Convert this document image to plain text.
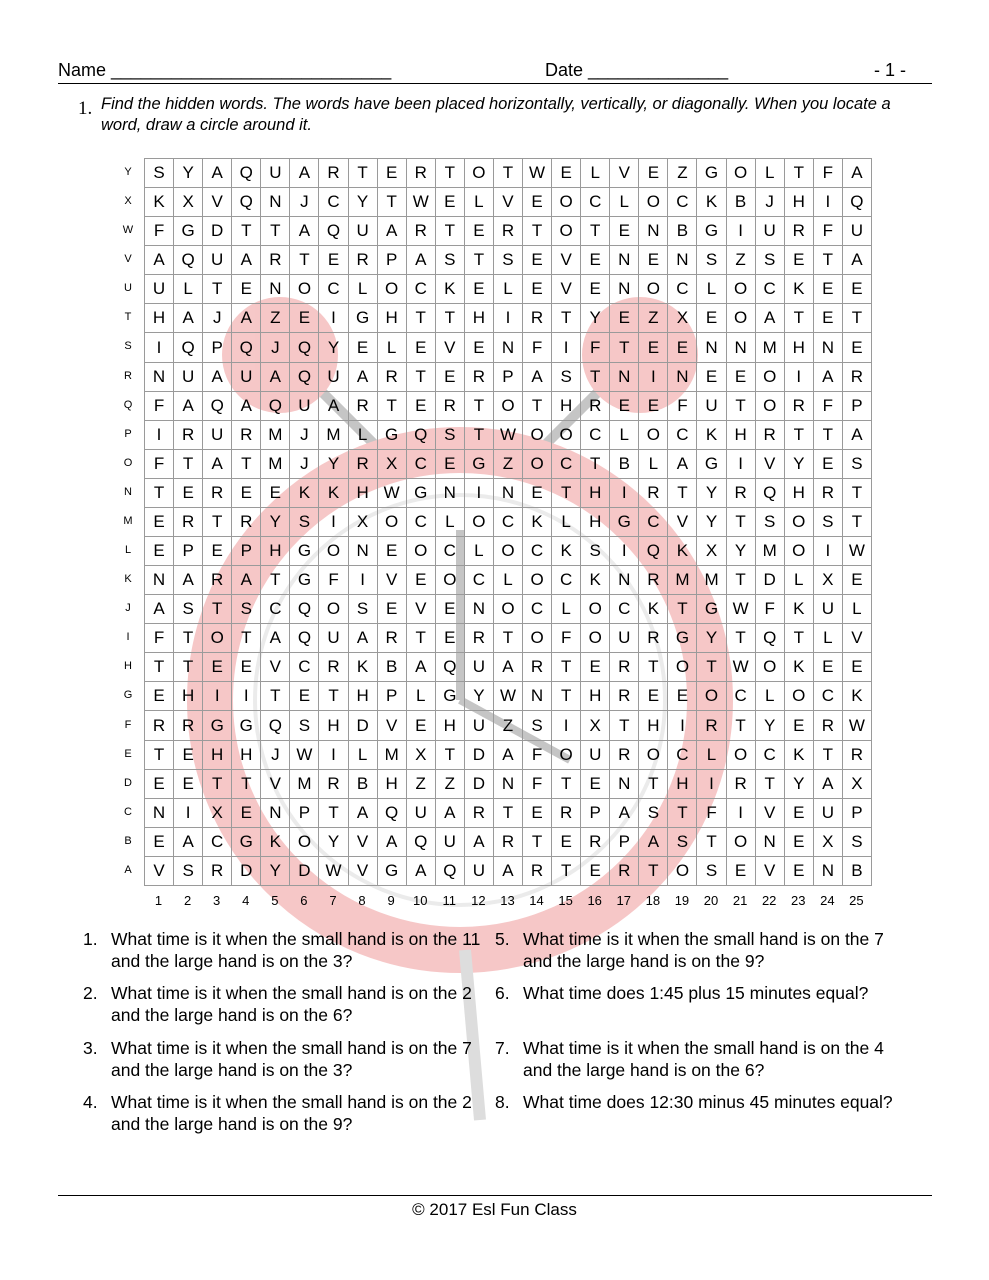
Name ____________________________	Date ______________	- 1 -
1. Find the hidden words. The words have been placed horizontally, vertically, or diagonally. When you locate a word, draw a circle around it.
Y
X
W
V
U
T
S
R
Q
P
O
N
M
L
K
J
I
H
G
F
E
D
C
B
A
S	Y	A	Q	U	A	R	T	E	R	T	O	T	W	E	L	V	E	Z	G	O	L	T	F	A
K	X	V	Q	N	J	C	Y	T	W	E	L	V	E	O	C	L	O	C	K	B	J	H	I	Q
F	G	D	T	T	A	Q	U	A	R	T	E	R	T	O	T	E	N	B	G	I	U	R	F	U
A	Q	U	A	R	T	E	R	P	A	S	T	S	E	V	E	N	E	N	S	Z	S	E	T	A
U	L	T	E	N	O	C	L	O	C	K	E	L	E	V	E	N	O	C	L	O	C	K	E	E
H	A	J	A	Z	E	I	G	H	T	T	H	I	R	T	Y	E	Z	X	E	O	A	T	E	T
I	Q	P	Q	J	Q	Y	E	L	E	V	E	N	F	I	F	T	E	E	N	N	M	H	N	E
N	U	A	U	A	Q	U	A	R	T	E	R	P	A	S	T	N	I	N	E	E	O	I	A	R
F	A	Q	A	Q	U	A	R	T	E	R	T	O	T	H	R	E	E	F	U	T	O	R	F	P
I	R	U	R	M	J	M	L	G	Q	S	T	W	O	O	C	L	O	C	K	H	R	T	T	A
F	T	A	T	M	J	Y	R	X	C	E	G	Z	O	C	T	B	L	A	G	I	V	Y	E	S
T	E	R	E	E	K	K	H	W	G	N	I	N	E	T	H	I	R	T	Y	R	Q	H	R	T
E	R	T	R	Y	S	I	X	O	C	L	O	C	K	L	H	G	C	V	Y	T	S	O	S	T
E	P	E	P	H	G	O	N	E	O	C	L	O	C	K	S	I	Q	K	X	Y	M	O	I	W
N	A	R	A	T	G	F	I	V	E	O	C	L	O	C	K	N	R	M	M	T	D	L	X	E
A	S	T	S	C	Q	O	S	E	V	E	N	O	C	L	O	C	K	T	G	W	F	K	U	L
F	T	O	T	A	Q	U	A	R	T	E	R	T	O	F	O	U	R	G	Y	T	Q	T	L	V
T	T	E	E	V	C	R	K	B	A	Q	U	A	R	T	E	R	T	O	T	W	O	K	E	E
E	H	I	I	T	E	T	H	P	L	G	Y	W	N	T	H	R	E	E	O	C	L	O	C	K
R	R	G	G	Q	S	H	D	V	E	H	U	Z	S	I	X	T	H	I	R	T	Y	E	R	W
T	E	H	H	J	W	I	L	M	X	T	D	A	F	O	U	R	O	C	L	O	C	K	T	R
E	E	T	T	V	M	R	B	H	Z	Z	D	N	F	T	E	N	T	H	I	R	T	Y	A	X
N	I	X	E	N	P	T	A	Q	U	A	R	T	E	R	P	A	S	T	F	I	V	E	U	P
E	A	C	G	K	O	Y	V	A	Q	U	A	R	T	E	R	P	A	S	T	O	N	E	X	S
V	S	R	D	Y	D	W	V	G	A	Q	U	A	R	T	E	R	T	O	S	E	V	E	N	B
1	2	3	4	5	6	7	8	9	10	11	12	13	14	15	16	17	18	19	20	21	22	23	24	25
1. What time is it when the small hand is on the 11 and the large hand is on the 3?
2. What time is it when the small hand is on the 2 and the large hand is on the 6?
3. What time is it when the small hand is on the 7 and the large hand is on the 3?
4. What time is it when the small hand is on the 2 and the large hand is on the 9?
5. What time is it when the small hand is on the 7 and the large hand is on the 9?
6. What time does 1:45 plus 15 minutes equal?
7. What time is it when the small hand is on the 4 and the large hand is on the 6?
8. What time does 12:30 minus 45 minutes equal?
© 2017 Esl Fun Class
